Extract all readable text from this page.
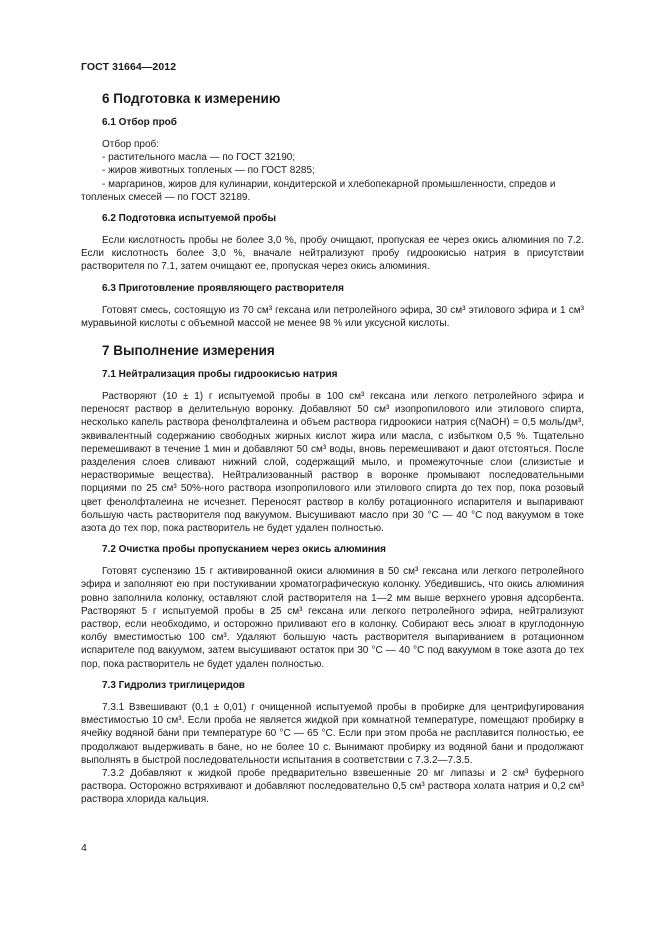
ГОСТ 31664—2012
6 Подготовка к измерению
6.1 Отбор проб

Отбор проб:

- растительного масла — по ГОСТ 32190;

- жиров животных топленых — по ГОСТ 8285;

- маргаринов, жиров для кулинарии, кондитерской и хлебопекарной промышленности, спредов и

топленых смесей — по ГОСТ 32189.

6.2 Подготовка испытуемой пробы

Если кислотность пробы не более 3,0 %, пробу очищают, пропуская ее через окись алюминия по 7.2. Если кислотность более 3,0 %, вначале нейтрализуют пробу гидроокисью натрия в присутствии растворителя по 7.1, затем очищают ее, пропуская через окись алюминия.

6.3 Приготовление проявляющего растворителя

Готовят смесь, состоящую из 70 см³ гексана или петролейного эфира, 30 см³ этилового эфира и 1 см³ муравьиной кислоты с объемной массой не менее 98 % или уксусной кислоты.

7 Выполнение измерения
7.1 Нейтрализация пробы гидроокисью натрия

Растворяют (10 ± 1) г испытуемой пробы в 100 см³ гексана или легкого петролейного эфира и переносят раствор в делительную воронку. Добавляют 50 см³ изопропилового или этилового спирта, несколько капель раствора фенолфталеина и объем раствора гидроокиси натрия c(NaOH) = 0,5 моль/дм³, эквивалентный содержанию свободных жирных кислот жира или масла, с избытком 0,5 %. Тщательно перемешивают в течение 1 мин и добавляют 50 см³ воды, вновь перемешивают и дают отстояться. После разделения слоев сливают нижний слой, содержащий мыло, и промежуточные слои (слизистые и нерастворимые вещества). Нейтрализованный раствор в воронке промывают последовательными порциями по 25 см³ 50%-ного раствора изопропилового или этилового спирта до тех пор, пока розовый цвет фенолфталеина не исчезнет. Переносят раствор в колбу ротационного испарителя и выпаривают большую часть растворителя под вакуумом. Высушивают масло при 30 °С — 40 °С под вакуумом в токе азота до тех пор, пока растворитель не будет удален полностью.

7.2 Очистка пробы пропусканием через окись алюминия

Готовят суспензию 15 г активированной окиси алюминия в 50 см³ гексана или легкого петролейного эфира и заполняют ею при постукивании хроматографическую колонку. Убедившись, что окись алюминия ровно заполнила колонку, оставляют слой растворителя на 1—2 мм выше верхнего уровня адсорбента. Растворяют 5 г испытуемой пробы в 25 см³ гексана или легкого петролейного эфира, нейтрализуют раствор, если необходимо, и осторожно приливают его в колонку. Собирают весь элюат в круглодонную колбу вместимостью 100 см³. Удаляют большую часть растворителя выпариванием в ротационном испарителе под вакуумом, затем высушивают остаток при 30 °С — 40 °С под вакуумом в токе азота до тех пор, пока растворитель не будет удален полностью.

7.3 Гидролиз триглицеридов

7.3.1 Взвешивают (0,1 ± 0,01) г очищенной испытуемой пробы в пробирке для центрифугирования вместимостью 10 см³. Если проба не является жидкой при комнатной температуре, помещают пробирку в ячейку водяной бани при температуре 60 °С — 65 °С. Если при этом проба не расплавится полностью, ее продолжают выдерживать в бане, но не более 10 с. Вынимают пробирку из водяной бани и продолжают выполнять в быстрой последовательности испытания в соответствии с 7.3.2—7.3.5.

7.3.2 Добавляют к жидкой пробе предварительно взвешенные 20 мг липазы и 2 см³ буферного раствора. Осторожно встряхивают и добавляют последовательно 0,5 см³ раствора холата натрия и 0,2 см³ раствора хлорида кальция.

4
